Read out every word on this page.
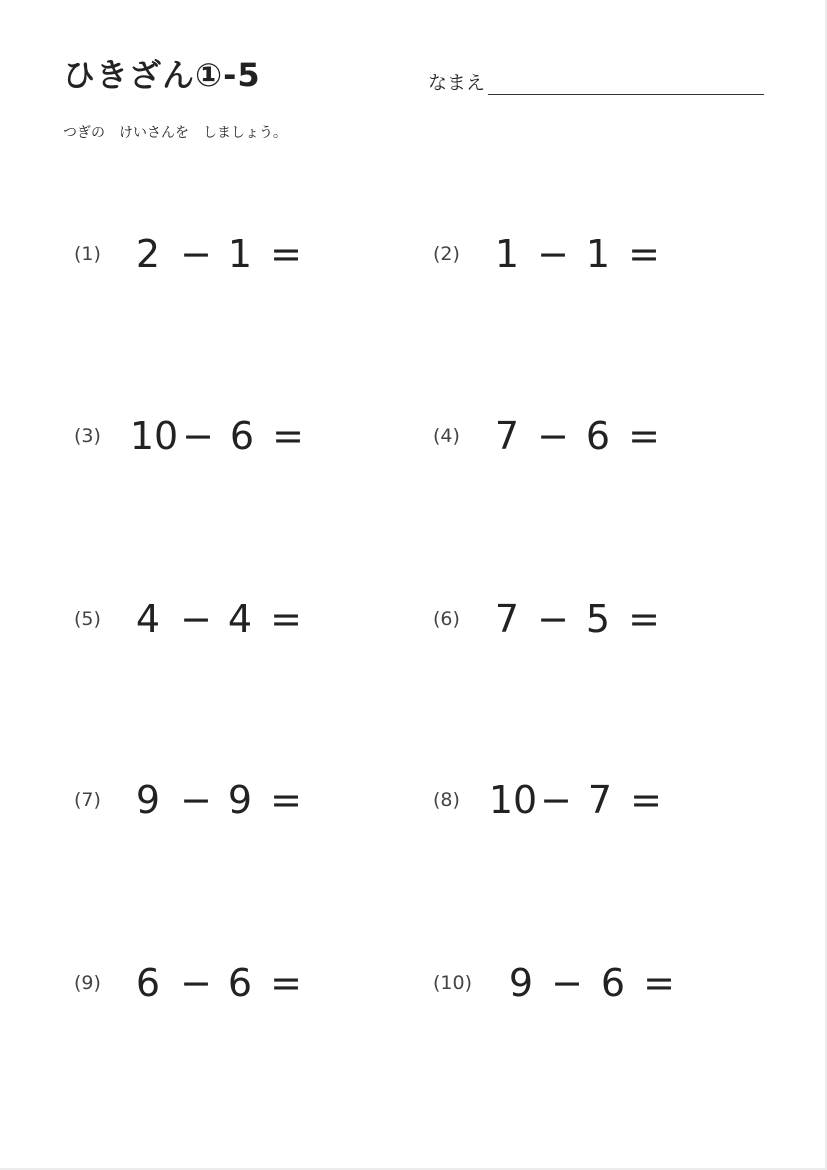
ひきざん①-5	なまえ
つぎの　けいさんを　しましょう。
(1) 2 − 1 =
(3) 10 − 6 =
(5) 4 − 4 =
(7) 9 − 9 =
(9) 6 − 6 =
(2) 1 − 1 =
(4) 7 − 6 =
(6) 7 − 5 =
(8) 10 − 7 =
(10) 9 − 6 =
